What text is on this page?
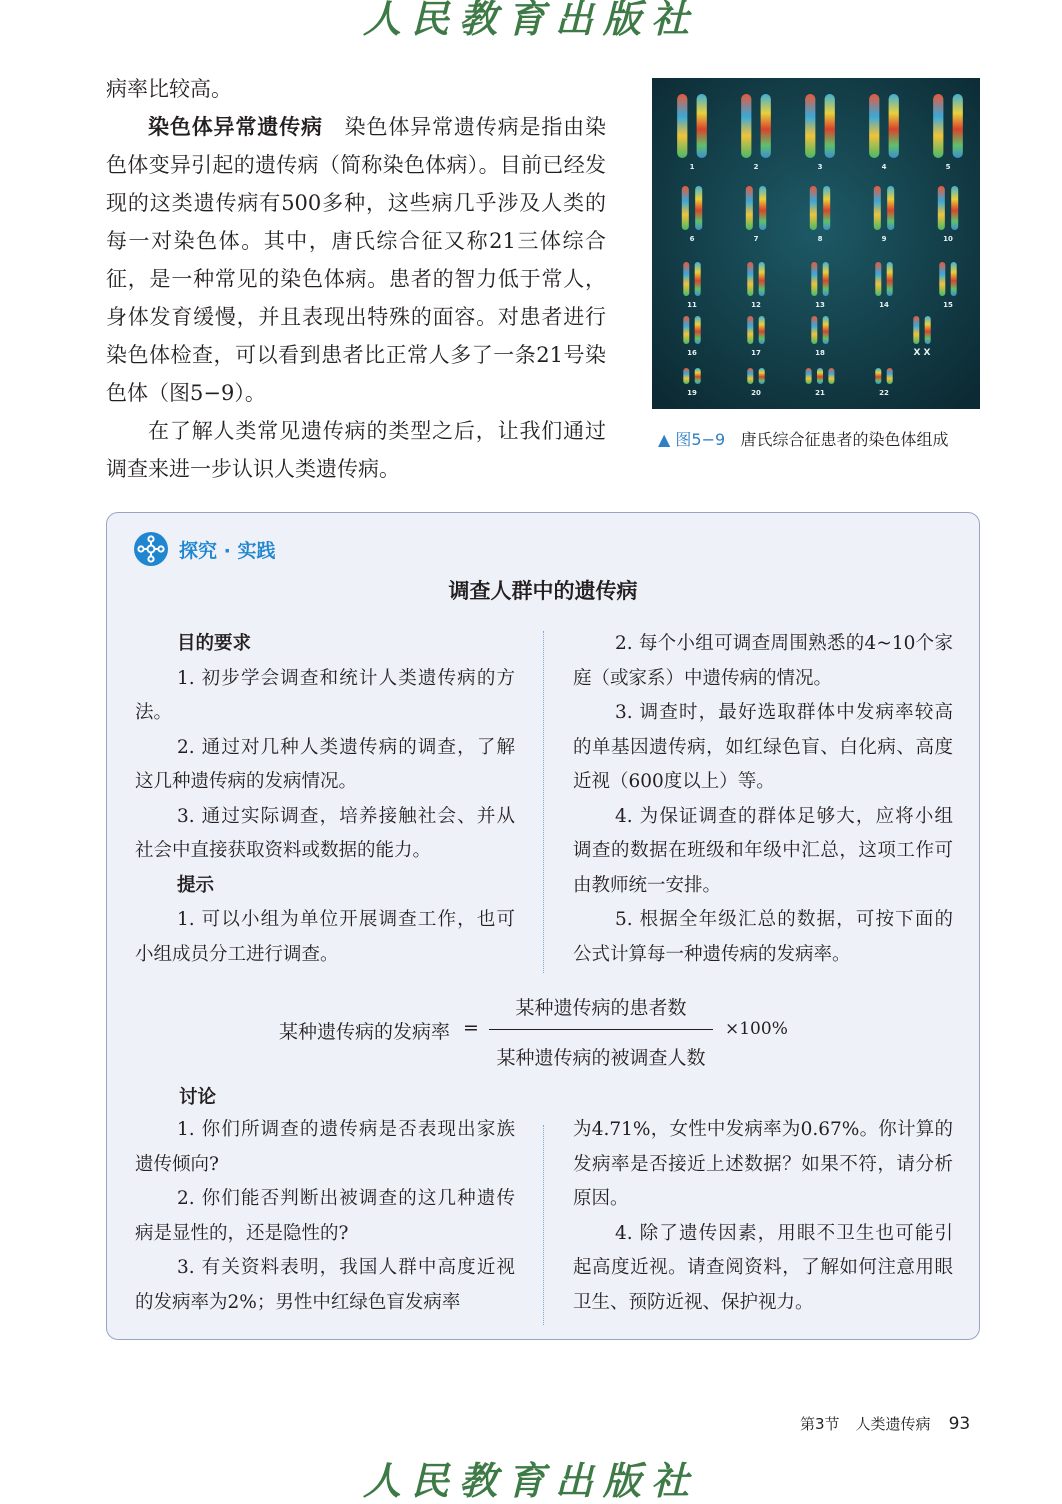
人民教育出版社

病率比较高。

染色体异常遗传病　 染色体异常遗传病是指由染色体变异引起的遗传病（简称染色体病）。目前已经发现的这类遗传病有500多种，这些病几乎涉及人类的每一对染色体。其中，唐氏综合征又称21三体综合征，是一种常见的染色体病。患者的智力低于常人，身体发育缓慢，并且表现出特殊的面容。对患者进行染色体检查，可以看到患者比正常人多了一条21号染色体（图5−9）。

在了解人类常见遗传病的类型之后，让我们通过调查来进一步认识人类遗传病。

1	2	3	4	5
6	7	8	9	10
11	12	13	14	15
16	17	18	X X
19	20	21	22
▲ 图5−9 唐氏综合征患者的染色体组成
探究 · 实践
调查人群中的遗传病

目的要求

1. 初步学会调查和统计人类遗传病的方法。

2. 通过对几种人类遗传病的调查，了解这几种遗传病的发病情况。

3. 通过实际调查，培养接触社会、并从社会中直接获取资料或数据的能力。

提示

1. 可以小组为单位开展调查工作，也可小组成员分工进行调查。

2. 每个小组可调查周围熟悉的4~10个家庭（或家系）中遗传病的情况。

3. 调查时，最好选取群体中发病率较高的单基因遗传病，如红绿色盲、白化病、高度近视（600度以上）等。

4. 为保证调查的群体足够大，应将小组调查的数据在班级和年级中汇总，这项工作可由教师统一安排。

5. 根据全年级汇总的数据，可按下面的公式计算每一种遗传病的发病率。

某种遗传病的发病率 =
某种遗传病的患者数
某种遗传病的被调查人数
×100%
讨论

1. 你们所调查的遗传病是否表现出家族遗传倾向?

2. 你们能否判断出被调查的这几种遗传病是显性的，还是隐性的?

3. 有关资料表明，我国人群中高度近视的发病率为2%；男性中红绿色盲发病率

为4.71%，女性中发病率为0.67%。你计算的发病率是否接近上述数据？如果不符，请分析原因。

4. 除了遗传因素，用眼不卫生也可能引起高度近视。请查阅资料，了解如何注意用眼卫生、预防近视、保护视力。

第3节 人类遗传病 93
人民教育出版社
